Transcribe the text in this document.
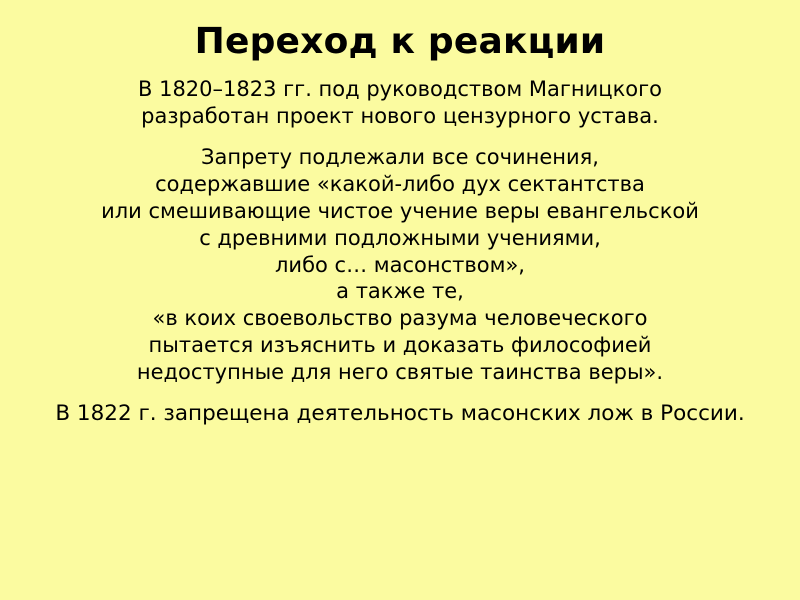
Переход к реакции

В 1820–1823 гг. под руководством Магницкого
разработан проект нового цензурного устава.

Запрету подлежали все сочинения,
содержавшие «какой-либо дух сектантства
или смешивающие чистое учение веры евангельской
с древними подложными учениями,
либо с… масонством»,
а также те,
«в коих своевольство разума человеческого
пытается изъяснить и доказать философией
недоступные для него святые таинства веры».

В 1822 г. запрещена деятельность масонских лож в России.
